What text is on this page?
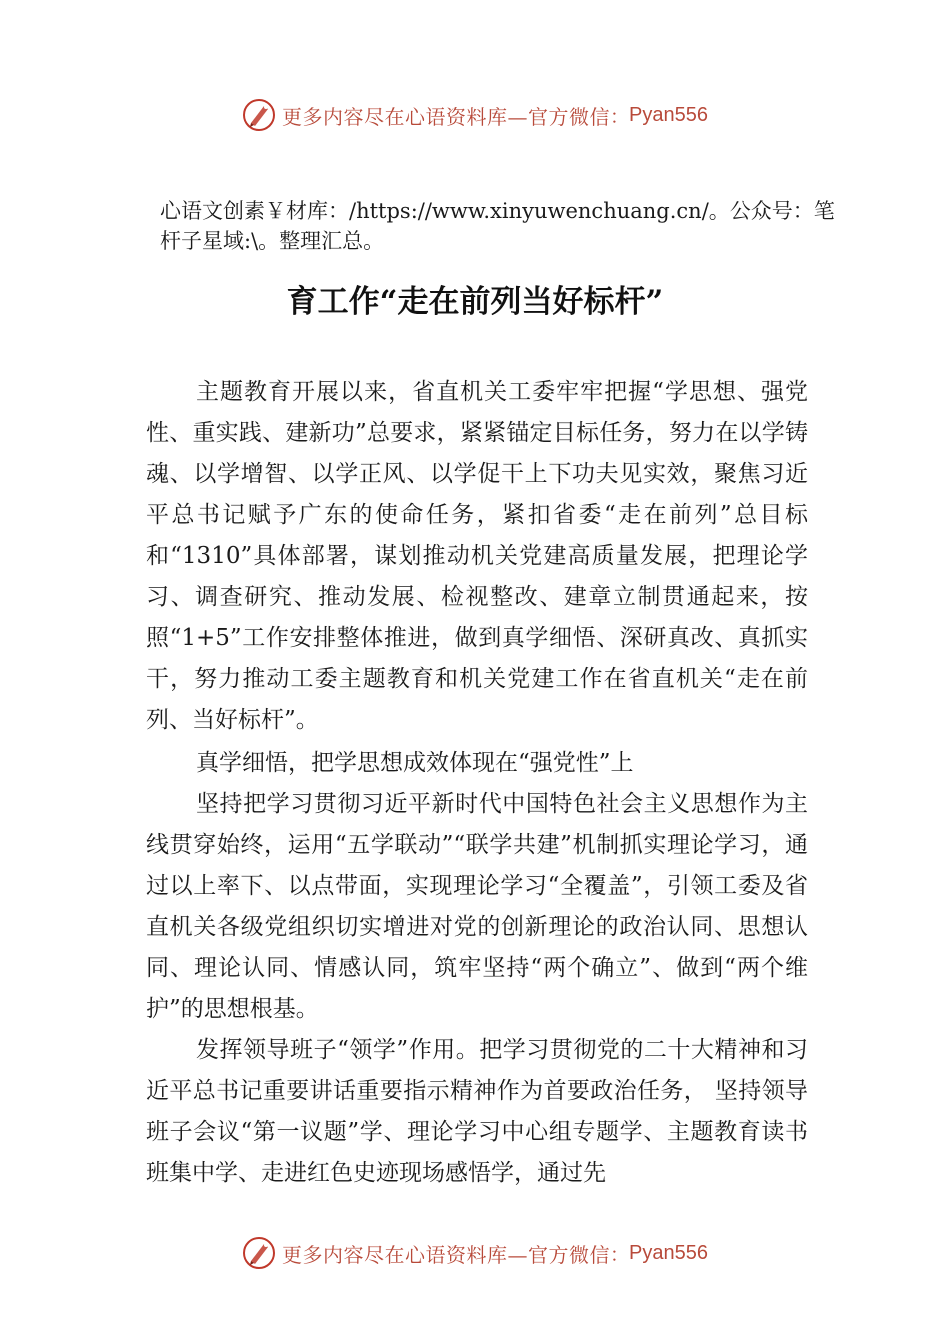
更多内容尽在心语资料库—官方微信 ： Pyan556
心语文创素￥材库：/https://www.xinyuwenchuang.cn/。公众号：笔杆子星域:\。整理汇总。
育工作“走在前列当好标杆”

主题教育开展以来，省直机关工委牢牢把握“学思想、强党性、重实践、建新功”总要求，紧紧锚定目标任务，努力在以学铸魂、以学增智、以学正风、以学促干上下功夫见实效，聚焦习近平总书记赋予广东的使命任务，紧扣省委“走在前列”总目标和“1310”具体部署，谋划推动机关党建高质量发展，把理论学习、调查研究、推动发展、检视整改、建章立制贯通起来，按照“1+5”工作安排整体推进，做到真学细悟、深研真改、真抓实干，努力推动工委主题教育和机关党建工作在省直机关“走在前列、当好标杆”。

真学细悟，把学思想成效体现在“强党性”上

坚持把学习贯彻习近平新时代中国特色社会主义思想作为主线贯穿始终，运用“五学联动”“联学共建”机制抓实理论学习，通过以上率下、以点带面，实现理论学习“全覆盖”，引领工委及省直机关各级党组织切实增进对党的创新理论的政治认同、思想认同、理论认同、情感认同，筑牢坚持“两个确立”、做到“两个维护”的思想根基。

发挥领导班子“领学”作用。把学习贯彻党的二十大精神和习近平总书记重要讲话重要指示精神作为首要政治任务， 坚持领导班子会议“第一议题”学、理论学习中心组专题学、主题教育读书班集中学、走进红色史迹现场感悟学，通过先

更多内容尽在心语资料库—官方微信 ： Pyan556
